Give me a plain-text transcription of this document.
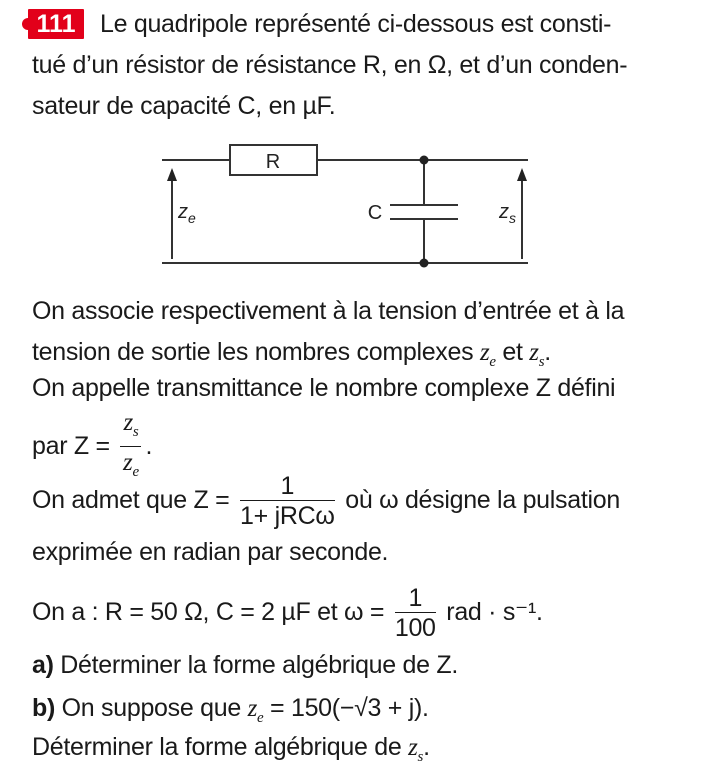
111 Le quadripole représenté ci-dessous est consti-
tué d’un résistor de résistance R, en Ω, et d’un conden-
sateur de capacité C, en µF.
R
C
$z_e$	$z_s$
On associe respectivement à la tension d’entrée et à la
tension de sortie les nombres complexes $z_e$ et $z_s$.
On appelle transmittance le nombre complexe Z défini
par $Z = \frac{z_s}{z_e}$ .
On admet que $Z = \frac{1}{\text{1+ jRCω}}$ où ω désigne la pulsation
exprimée en radian par seconde.
On a : R = 50 Ω, C = 2 µF et $\omega = \frac{1}{100}$ rad · s⁻¹.
a) Déterminer la forme algébrique de Z.
b) On suppose que $z_e = 150(-√3 + j)$.
Déterminer la forme algébrique de $z_s$.
